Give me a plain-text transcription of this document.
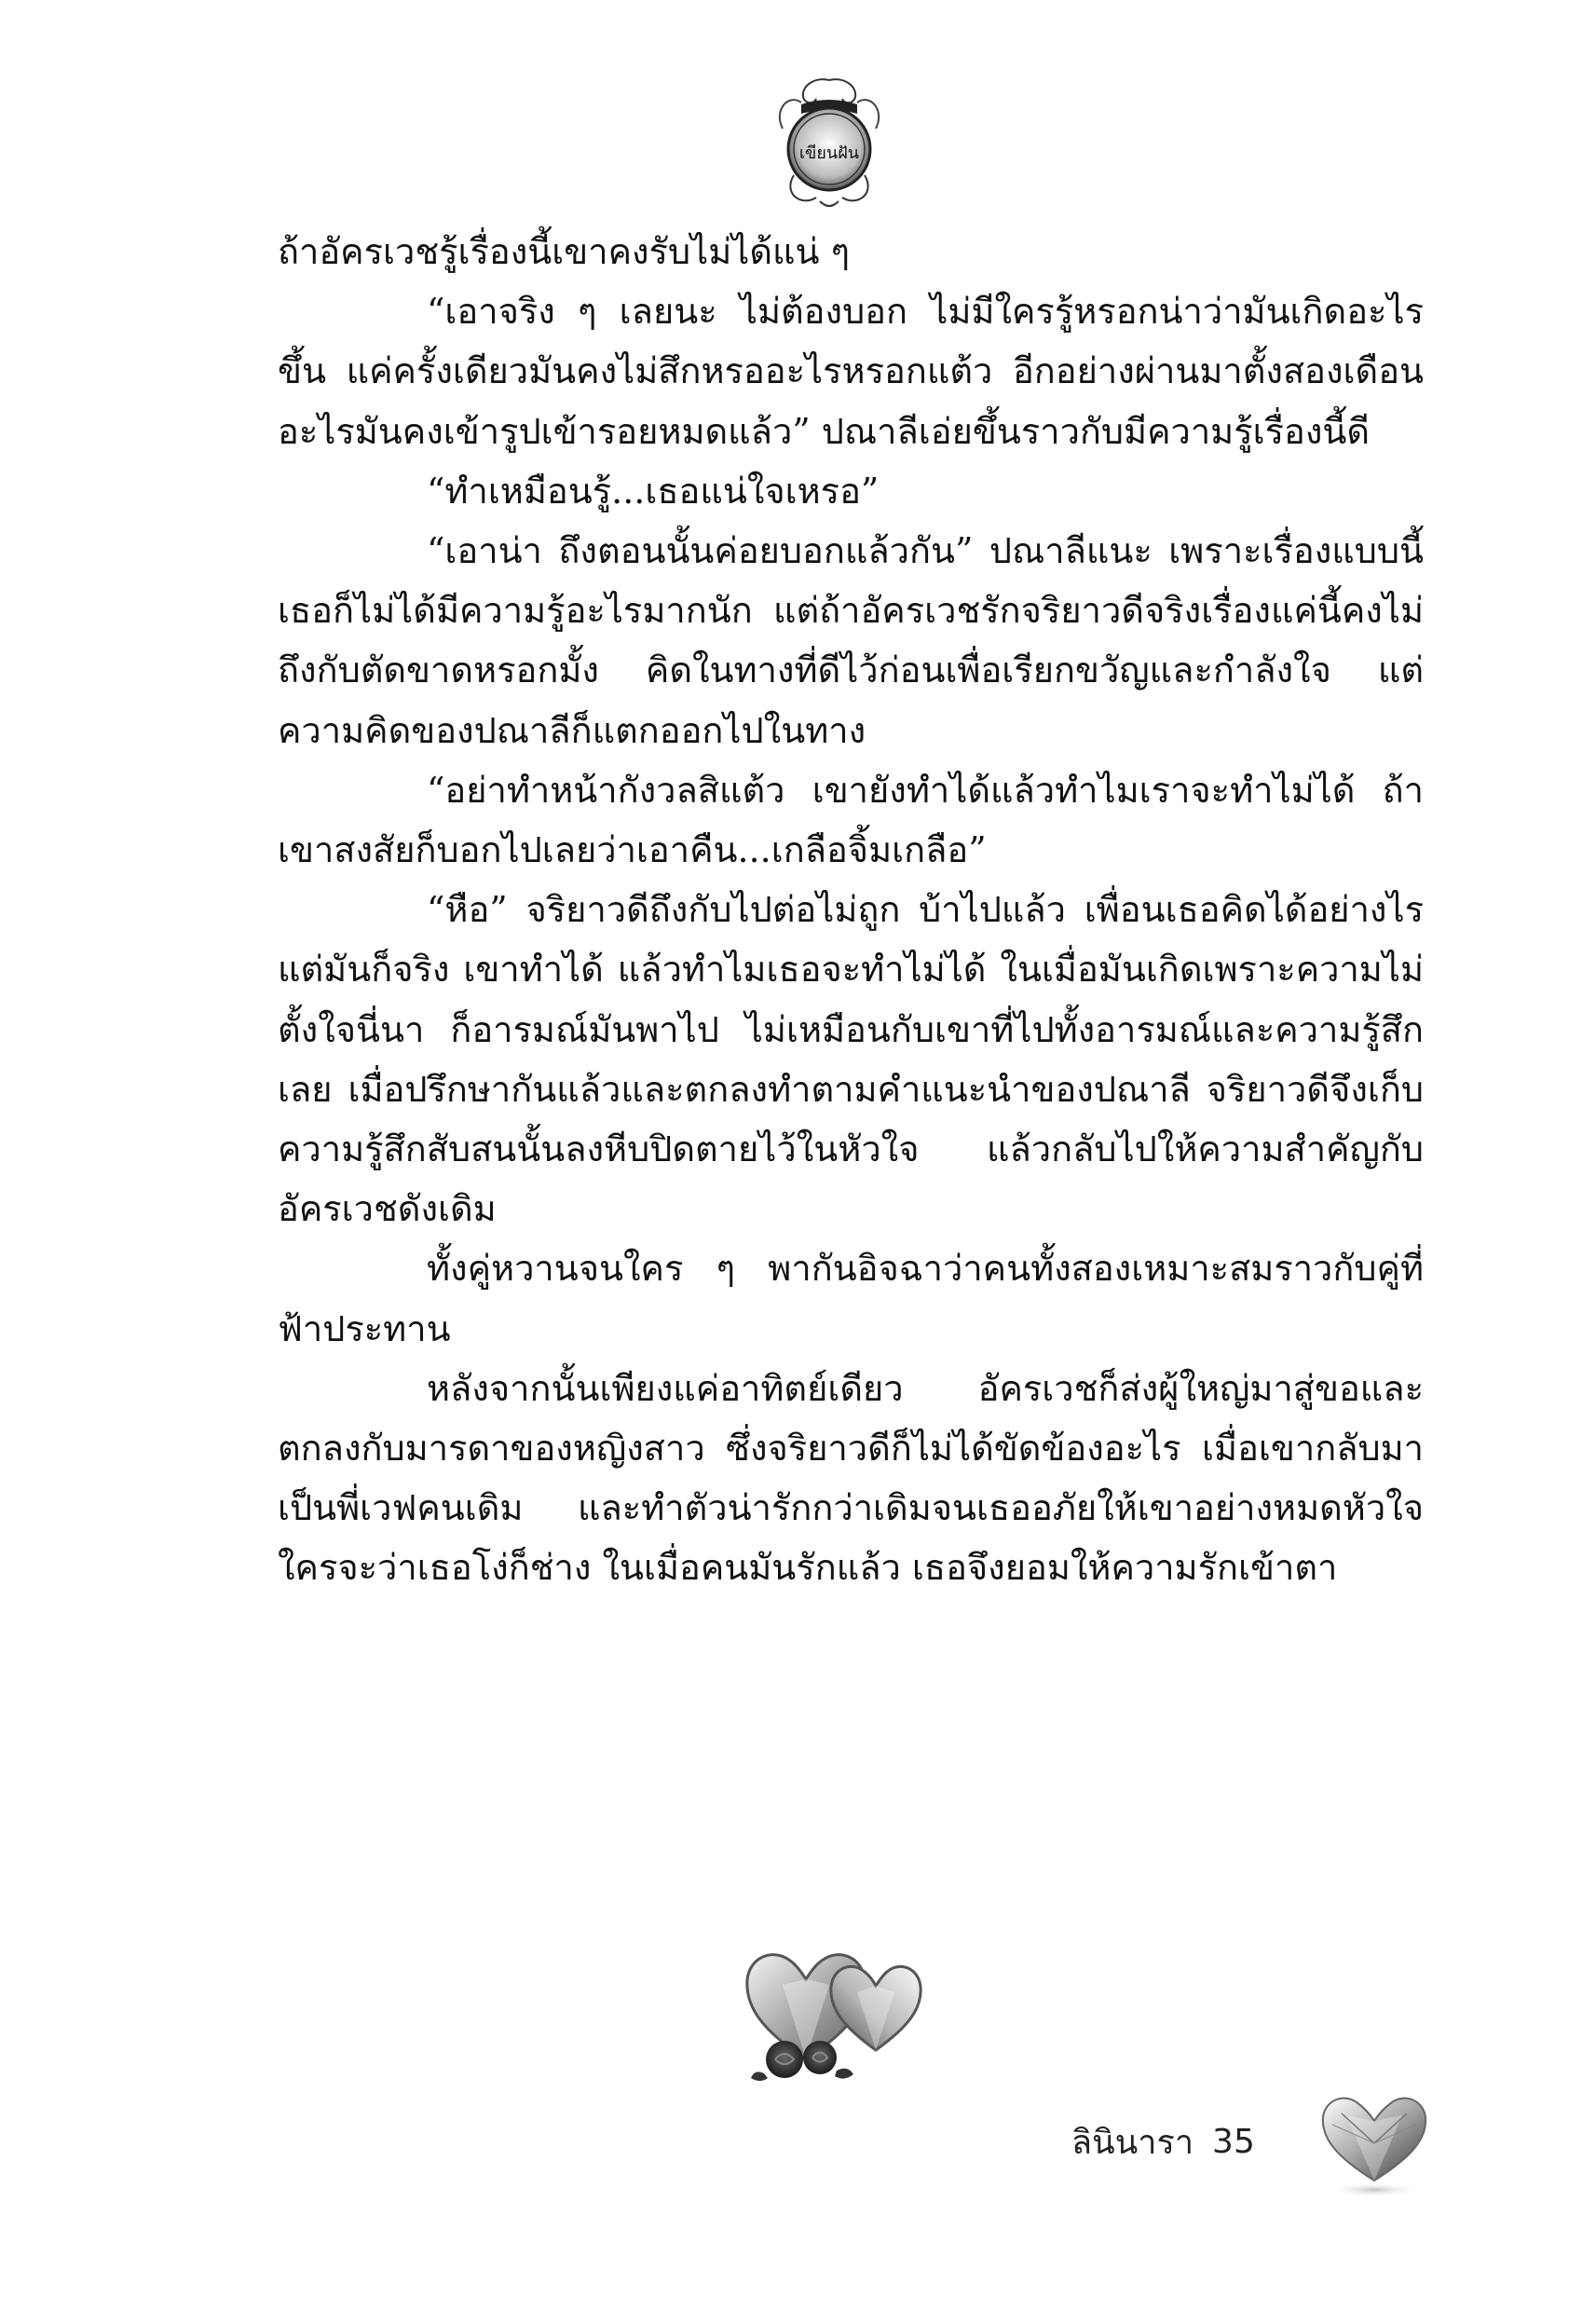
เขียนฝัน

ถ้าอัครเวชรู้เรื่องนี้เขาคงรับไม่ได้แน่ ๆ

“เอาจริง ๆ เลยนะ ไม่ต้องบอก ไม่มีใครรู้หรอกน่าว่ามันเกิดอะไรขึ้น แค่ครั้งเดียวมันคงไม่สึกหรออะไรหรอกแต้ว อีกอย่างผ่านมาตั้งสองเดือน อะไรมันคงเข้ารูปเข้ารอยหมดแล้ว” ปณาลีเอ่ยขึ้นราวกับมีความรู้เรื่องนี้ดี

“ทำเหมือนรู้...เธอแน่ใจเหรอ”

“เอาน่า ถึงตอนนั้นค่อยบอกแล้วกัน” ปณาลีแนะ เพราะเรื่องแบบนี้เธอก็ไม่ได้มีความรู้อะไรมากนัก แต่ถ้าอัครเวชรักจริยาวดีจริงเรื่องแค่นี้คงไม่ถึงกับตัดขาดหรอกมั้ง คิดในทางที่ดีไว้ก่อนเพื่อเรียกขวัญและกำลังใจ แต่ความคิดของปณาลีก็แตกออกไปในทาง

“อย่าทำหน้ากังวลสิแต้ว เขายังทำได้แล้วทำไมเราจะทำไม่ได้ ถ้าเขาสงสัยก็บอกไปเลยว่าเอาคืน...เกลือจิ้มเกลือ”

“หือ” จริยาวดีถึงกับไปต่อไม่ถูก บ้าไปแล้ว เพื่อนเธอคิดได้อย่างไร แต่มันก็จริง เขาทำได้ แล้วทำไมเธอจะทำไม่ได้ ในเมื่อมันเกิดเพราะความไม่ตั้งใจนี่นา ก็อารมณ์มันพาไป ไม่เหมือนกับเขาที่ไปทั้งอารมณ์และความรู้สึกเลย เมื่อปรึกษากันแล้วและตกลงทำตามคำแนะนำของปณาลี จริยาวดีจึงเก็บความรู้สึกสับสนนั้นลงหีบปิดตายไว้ในหัวใจ แล้วกลับไปให้ความสำคัญกับอัครเวชดังเดิม

ทั้งคู่หวานจนใคร ๆ พากันอิจฉาว่าคนทั้งสองเหมาะสมราวกับคู่ที่ฟ้าประทาน

หลังจากนั้นเพียงแค่อาทิตย์เดียว อัครเวชก็ส่งผู้ใหญ่มาสู่ขอและตกลงกับมารดาของหญิงสาว ซึ่งจริยาวดีก็ไม่ได้ขัดข้องอะไร เมื่อเขากลับมาเป็นพี่เวฟคนเดิม และทำตัวน่ารักกว่าเดิมจนเธออภัยให้เขาอย่างหมดหัวใจ ใครจะว่าเธอโง่ก็ช่าง ในเมื่อคนมันรักแล้ว เธอจึงยอมให้ความรักเข้าตา

ลินินารา 35
